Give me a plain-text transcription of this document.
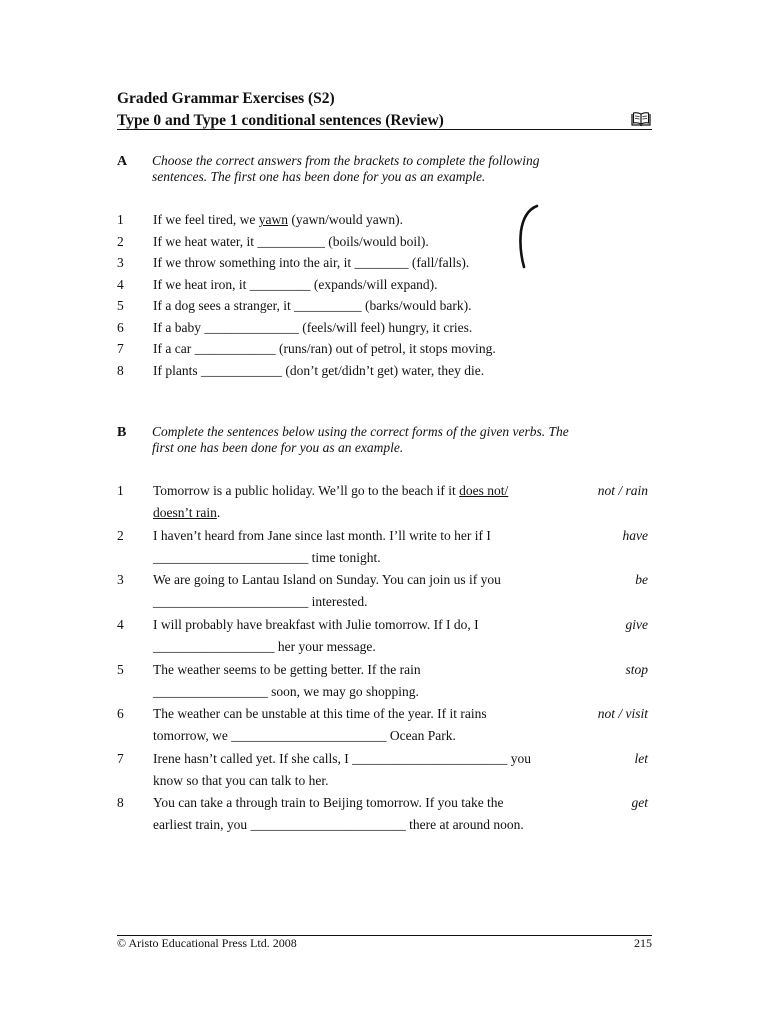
Graded Grammar Exercises (S2)
Type 0 and Type 1 conditional sentences (Review)
A Choose the correct answers from the brackets to complete the following
sentences. The first one has been done for you as an example.
1	If we feel tired, we yawn (yawn/would yawn).
2	If we heat water, it __________ (boils/would boil).
3	If we throw something into the air, it ________ (fall/falls).
4	If we heat iron, it _________ (expands/will expand).
5	If a dog sees a stranger, it __________ (barks/would bark).
6	If a baby ______________ (feels/will feel) hungry, it cries.
7	If a car ____________ (runs/ran) out of petrol, it stops moving.
8	If plants ____________ (don’t get/didn’t get) water, they die.
B Complete the sentences below using the correct forms of the given verbs. The
first one has been done for you as an example.
1 Tomorrow is a public holiday. We’ll go to the beach if it does not/
doesn’t rain.
not / rain
2 I haven’t heard from Jane since last month. I’ll write to her if I
_______________________ time tonight.
have
3 We are going to Lantau Island on Sunday. You can join us if you
_______________________ interested.
be
4 I will probably have breakfast with Julie tomorrow. If I do, I
__________________ her your message.
give
5 The weather seems to be getting better. If the rain
_________________ soon, we may go shopping.
stop
6 The weather can be unstable at this time of the year. If it rains
tomorrow, we _______________________ Ocean Park.
not / visit
7 Irene hasn’t called yet. If she calls, I _______________________ you
know so that you can talk to her.
let
8 You can take a through train to Beijing tomorrow. If you take the
earliest train, you _______________________ there at around noon.
get
© Aristo Educational Press Ltd. 2008	215
